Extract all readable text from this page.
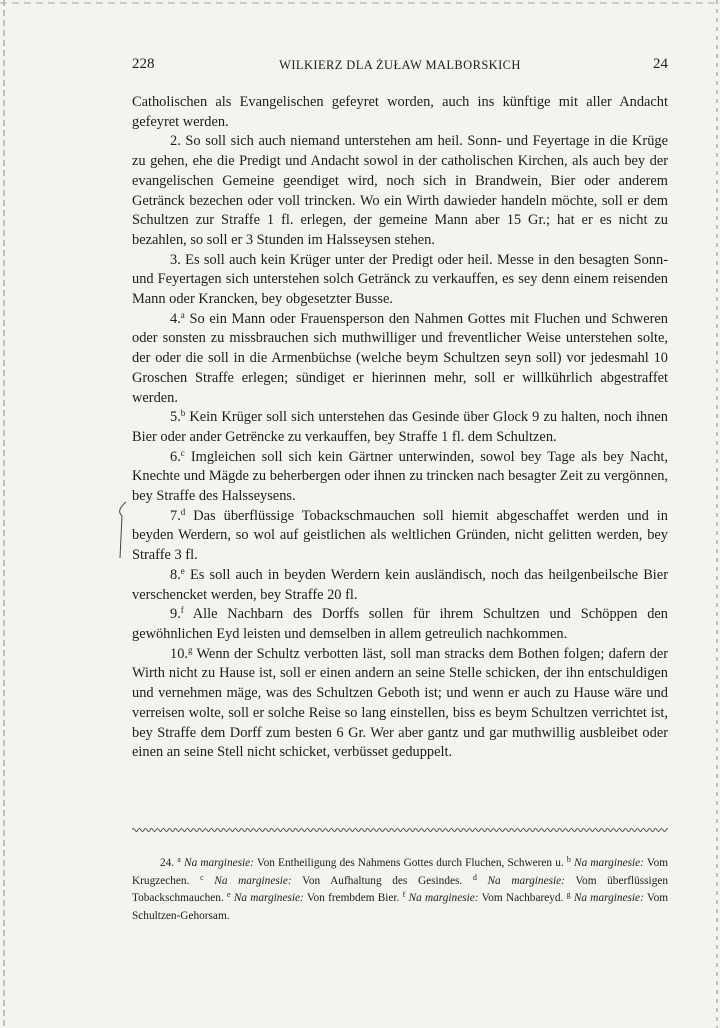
228	WILKIERZ DLA ŻUŁAW MALBORSKICH	24

Catholischen als Evangelischen gefeyret worden, auch ins künftige mit aller Andacht gefeyret werden.

2. So soll sich auch niemand unterstehen am heil. Sonn- und Feyertage in die Krüge zu gehen, ehe die Predigt und Andacht sowol in der catholischen Kirchen, als auch bey der evangelischen Gemeine geendiget wird, noch sich in Brandwein, Bier oder anderem Getränck bezechen oder voll trincken. Wo ein Wirth dawieder handeln möchte, soll er dem Schultzen zur Straffe 1 fl. erlegen, der gemeine Mann aber 15 Gr.; hat er es nicht zu bezahlen, so soll er 3 Stunden im Halsseysen stehen.

3. Es soll auch kein Krüger unter der Predigt oder heil. Messe in den besagten Sonn- und Feyertagen sich unterstehen solch Getränck zu verkauffen, es sey denn einem reisenden Mann oder Krancken, bey obgesetzter Busse.

4.$^a$ So ein Mann oder Frauensperson den Nahmen Gottes mit Fluchen und Schweren oder sonsten zu missbrauchen sich muthwilliger und freventlicher Weise unterstehen solte, der oder die soll in die Armenbüchse (welche beym Schultzen seyn soll) vor jedesmahl 10 Groschen Straffe erlegen; sündiget er hierinnen mehr, soll er willkührlich abgestraffet werden.

5.$^b$ Kein Krüger soll sich unterstehen das Gesinde über Glock 9 zu halten, noch ihnen Bier oder ander Getrёncke zu verkauffen, bey Straffe 1 fl. dem Schultzen.

6.$^c$ Imgleichen soll sich kein Gärtner unterwinden, sowol bey Tage als bey Nacht, Knechte und Mägde zu beherbergen oder ihnen zu trincken nach besagter Zeit zu vergönnen, bey Straffe des Halsseysens.

7.$^d$ Das überflüssige Tobackschmauchen soll hiemit abgeschaffet werden und in beyden Werdern, so wol auf geistlichen als weltlichen Gründen, nicht gelitten werden, bey Straffe 3 fl.

8.$^e$ Es soll auch in beyden Werdern kein ausländisch, noch das heilgenbeilsche Bier verschencket werden, bey Straffe 20 fl.

9.$^f$ Alle Nachbarn des Dorffs sollen für ihrem Schultzen und Schöppen den gewöhnlichen Eyd leisten und demselben in allem getreulich nachkommen.

10.$^g$ Wenn der Schultz verbotten läst, soll man stracks dem Bothen folgen; dafern der Wirth nicht zu Hause ist, soll er einen andern an seine Stelle schicken, der ihn entschuldigen und vernehmen mäge, was des Schultzen Geboth ist; und wenn er auch zu Hause wäre und verreisen wolte, soll er solche Reise so lang einstellen, biss es beym Schultzen verrichtet ist, bey Straffe dem Dorff zum besten 6 Gr. Wer aber gantz und gar muthwillig ausbleibet oder einen an seine Stell nicht schicket, verbüsset geduppelt.

24. $^a$ Na marginesie: Von Entheiligung des Nahmens Gottes durch Fluchen, Schweren u. $^b$ Na marginesie: Vom Krugzechen. $^c$ Na marginesie: Von Aufhaltung des Gesindes. $^d$ Na marginesie: Vom überflüssigen Tobackschmauchen. $^e$ Na marginesie: Von frembdem Bier. $^f$ Na marginesie: Vom Nachbareyd. $^g$ Na marginesie: Vom Schultzen-Gehorsam.
